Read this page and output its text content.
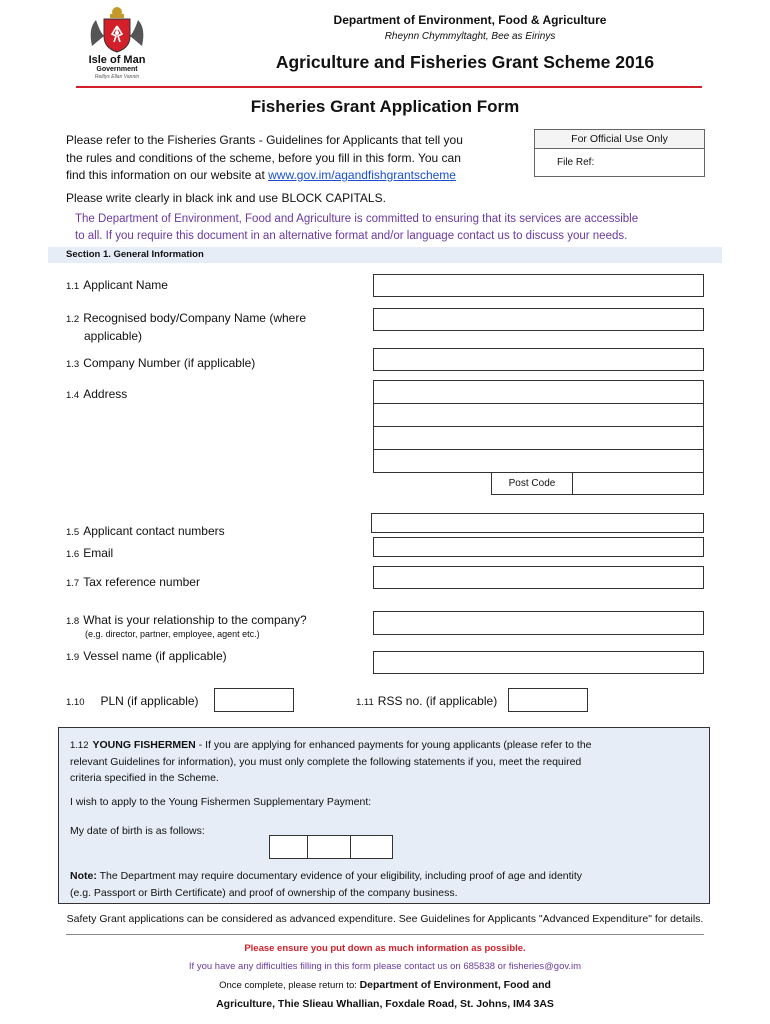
Isle of Man
Government
Reiltys Ellan Vannin
Department of Environment, Food & Agriculture
Rheynn Chymmyltaght, Bee as Eirinys
Agriculture and Fisheries Grant Scheme 2016
Fisheries Grant Application Form
Please refer to the Fisheries Grants - Guidelines for Applicants that tell you
the rules and conditions of the scheme, before you fill in this form. You can
find this information on our website at www.gov.im/agandfishgrantscheme
For Official Use Only
File Ref:
Please write clearly in black ink and use BLOCK CAPITALS.
The Department of Environment, Food and Agriculture is committed to ensuring that its services are accessible
to all. If you require this document in an alternative format and/or language contact us to discuss your needs.
Section 1. General Information
1.1 Applicant Name
1.2 Recognised body/Company Name (where
applicable)
1.3 Company Number (if applicable)
1.4 Address
Post Code
1.5 Applicant contact numbers
1.6 Email
1.7 Tax reference number
1.8 What is your relationship to the company?
(e.g. director, partner, employee, agent etc.)
1.9 Vessel name (if applicable)
1.10 PLN (if applicable)	1.11 RSS no. (if applicable)
1.12 YOUNG FISHERMEN - If you are applying for enhanced payments for young applicants (please refer to the
relevant Guidelines for information), you must only complete the following statements if you, meet the required
criteria specified in the Scheme.
I wish to apply to the Young Fishermen Supplementary Payment:
My date of birth is as follows:
Note: The Department may require documentary evidence of your eligibility, including proof of age and identity
(e.g. Passport or Birth Certificate) and proof of ownership of the company business.
Safety Grant applications can be considered as advanced expenditure. See Guidelines for Applicants "Advanced Expenditure" for details.
Please ensure you put down as much information as possible.
If you have any difficulties filling in this form please contact us on 685838 or fisheries@gov.im
Once complete, please return to: Department of Environment, Food and
Agriculture, Thie Slieau Whallian, Foxdale Road, St. Johns, IM4 3AS
